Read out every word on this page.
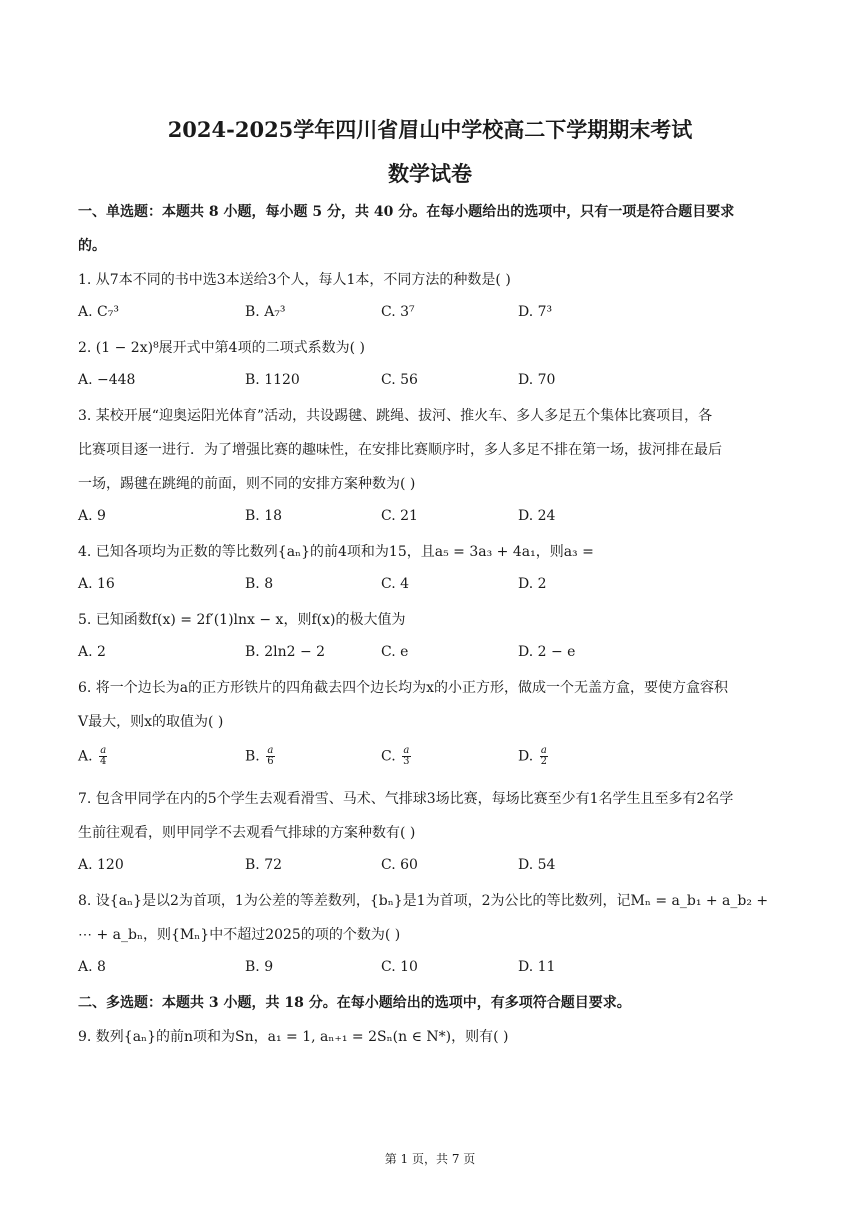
2024-2025学年四川省眉山中学校高二下学期期末考试
数学试卷
一、单选题：本题共 8 小题，每小题 5 分，共 40 分。在每小题给出的选项中，只有一项是符合题目要求
的。
1. 从7本不同的书中选3本送给3个人，每人1本，不同方法的种数是( )
A. C₇³	B. A₇³	C. 3⁷	D. 7³
2. (1 − 2x)⁸展开式中第4项的二项式系数为( )
A. −448	B. 1120	C. 56	D. 70
3. 某校开展“迎奥运阳光体育”活动，共设踢毽、跳绳、拔河、推火车、多人多足五个集体比赛项目，各
比赛项目逐一进行．为了增强比赛的趣味性，在安排比赛顺序时，多人多足不排在第一场，拔河排在最后
一场，踢毽在跳绳的前面，则不同的安排方案种数为( )
A. 9	B. 18	C. 21	D. 24
4. 已知各项均为正数的等比数列{aₙ}的前4项和为15，且a₅ = 3a₃ + 4a₁，则a₃ =
A. 16	B. 8	C. 4	D. 2
5. 已知函数f(x) = 2f′(1)lnx − x，则f(x)的极大值为
A. 2	B. 2ln2 − 2	C. e	D. 2 − e
6. 将一个边长为a的正方形铁片的四角截去四个边长均为x的小正方形，做成一个无盖方盒，要使方盒容积
V最大，则x的取值为( )
A. $\frac{a}{4}$	B. $\frac{a}{6}$	C. $\frac{a}{3}$	D. $\frac{a}{2}$
7. 包含甲同学在内的5个学生去观看滑雪、马术、气排球3场比赛，每场比赛至少有1名学生且至多有2名学
生前往观看，则甲同学不去观看气排球的方案种数有( )
A. 120	B. 72	C. 60	D. 54
8. 设{aₙ}是以2为首项，1为公差的等差数列，{bₙ}是1为首项，2为公比的等比数列，记Mₙ = a_b₁ + a_b₂ +
⋯ + a_bₙ，则{Mₙ}中不超过2025的项的个数为( )
A. 8	B. 9	C. 10	D. 11
二、多选题：本题共 3 小题，共 18 分。在每小题给出的选项中，有多项符合题目要求。
9. 数列{aₙ}的前n项和为Sn，a₁ = 1, aₙ₊₁ = 2Sₙ(n ∈ N*)，则有( )
第 1 页，共 7 页
